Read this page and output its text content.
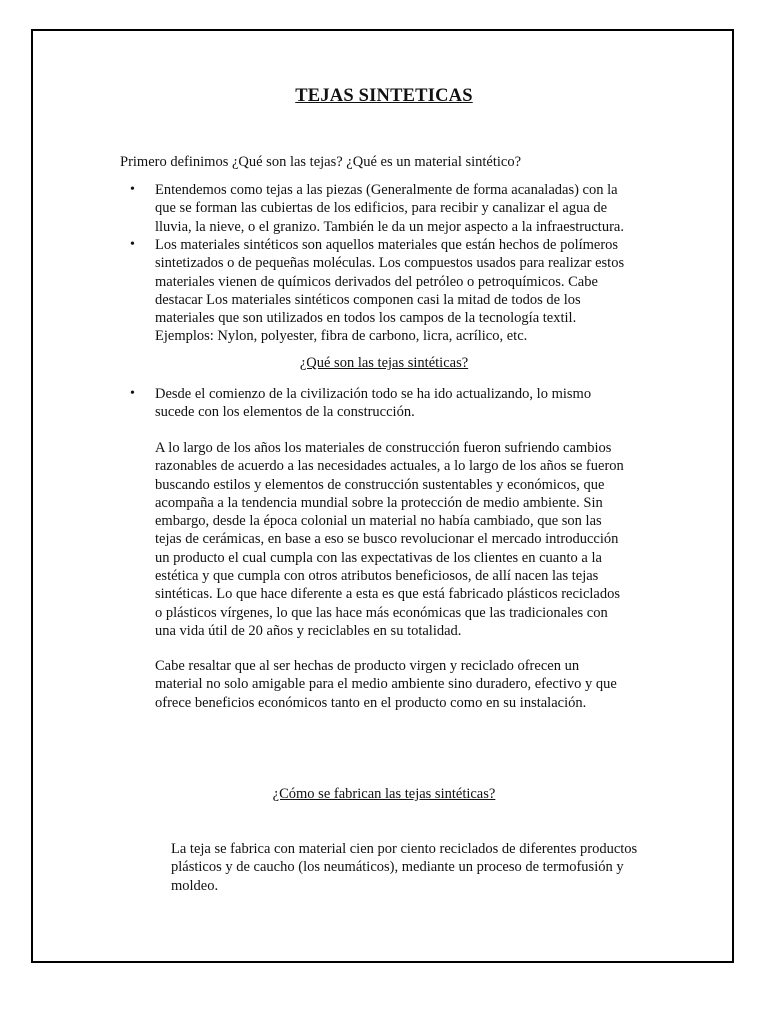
TEJAS SINTETICAS
Primero definimos ¿Qué son las tejas? ¿Qué es un material sintético?
• Entendemos como tejas a las piezas (Generalmente de forma acanaladas) con la
que se forman las cubiertas de los edificios, para recibir y canalizar el agua de
lluvia, la nieve, o el granizo. También le da un mejor aspecto a la infraestructura.
• Los materiales sintéticos son aquellos materiales que están hechos de polímeros
sintetizados o de pequeñas moléculas. Los compuestos usados para realizar estos
materiales vienen de químicos derivados del petróleo o petroquímicos. Cabe
destacar Los materiales sintéticos componen casi la mitad de todos de los
materiales que son utilizados en todos los campos de la tecnología textil.
Ejemplos: Nylon, polyester, fibra de carbono, licra, acrílico, etc.
¿Qué son las tejas sintéticas?
• Desde el comienzo de la civilización todo se ha ido actualizando, lo mismo
sucede con los elementos de la construcción.
A lo largo de los años los materiales de construcción fueron sufriendo cambios
razonables de acuerdo a las necesidades actuales, a lo largo de los años se fueron
buscando estilos y elementos de construcción sustentables y económicos, que
acompaña a la tendencia mundial sobre la protección de medio ambiente. Sin
embargo, desde la época colonial un material no había cambiado, que son las
tejas de cerámicas, en base a eso se busco revolucionar el mercado introducción
un producto el cual cumpla con las expectativas de los clientes en cuanto a la
estética y que cumpla con otros atributos beneficiosos, de allí nacen las tejas
sintéticas. Lo que hace diferente a esta es que está fabricado plásticos reciclados
o plásticos vírgenes, lo que las hace más económicas que las tradicionales con
una vida útil de 20 años y reciclables en su totalidad.
Cabe resaltar que al ser hechas de producto virgen y reciclado ofrecen un
material no solo amigable para el medio ambiente sino duradero, efectivo y que
ofrece beneficios económicos tanto en el producto como en su instalación.
¿Cómo se fabrican las tejas sintéticas?
La teja se fabrica con material cien por ciento reciclados de diferentes productos
plásticos y de caucho (los neumáticos), mediante un proceso de termofusión y
moldeo.
